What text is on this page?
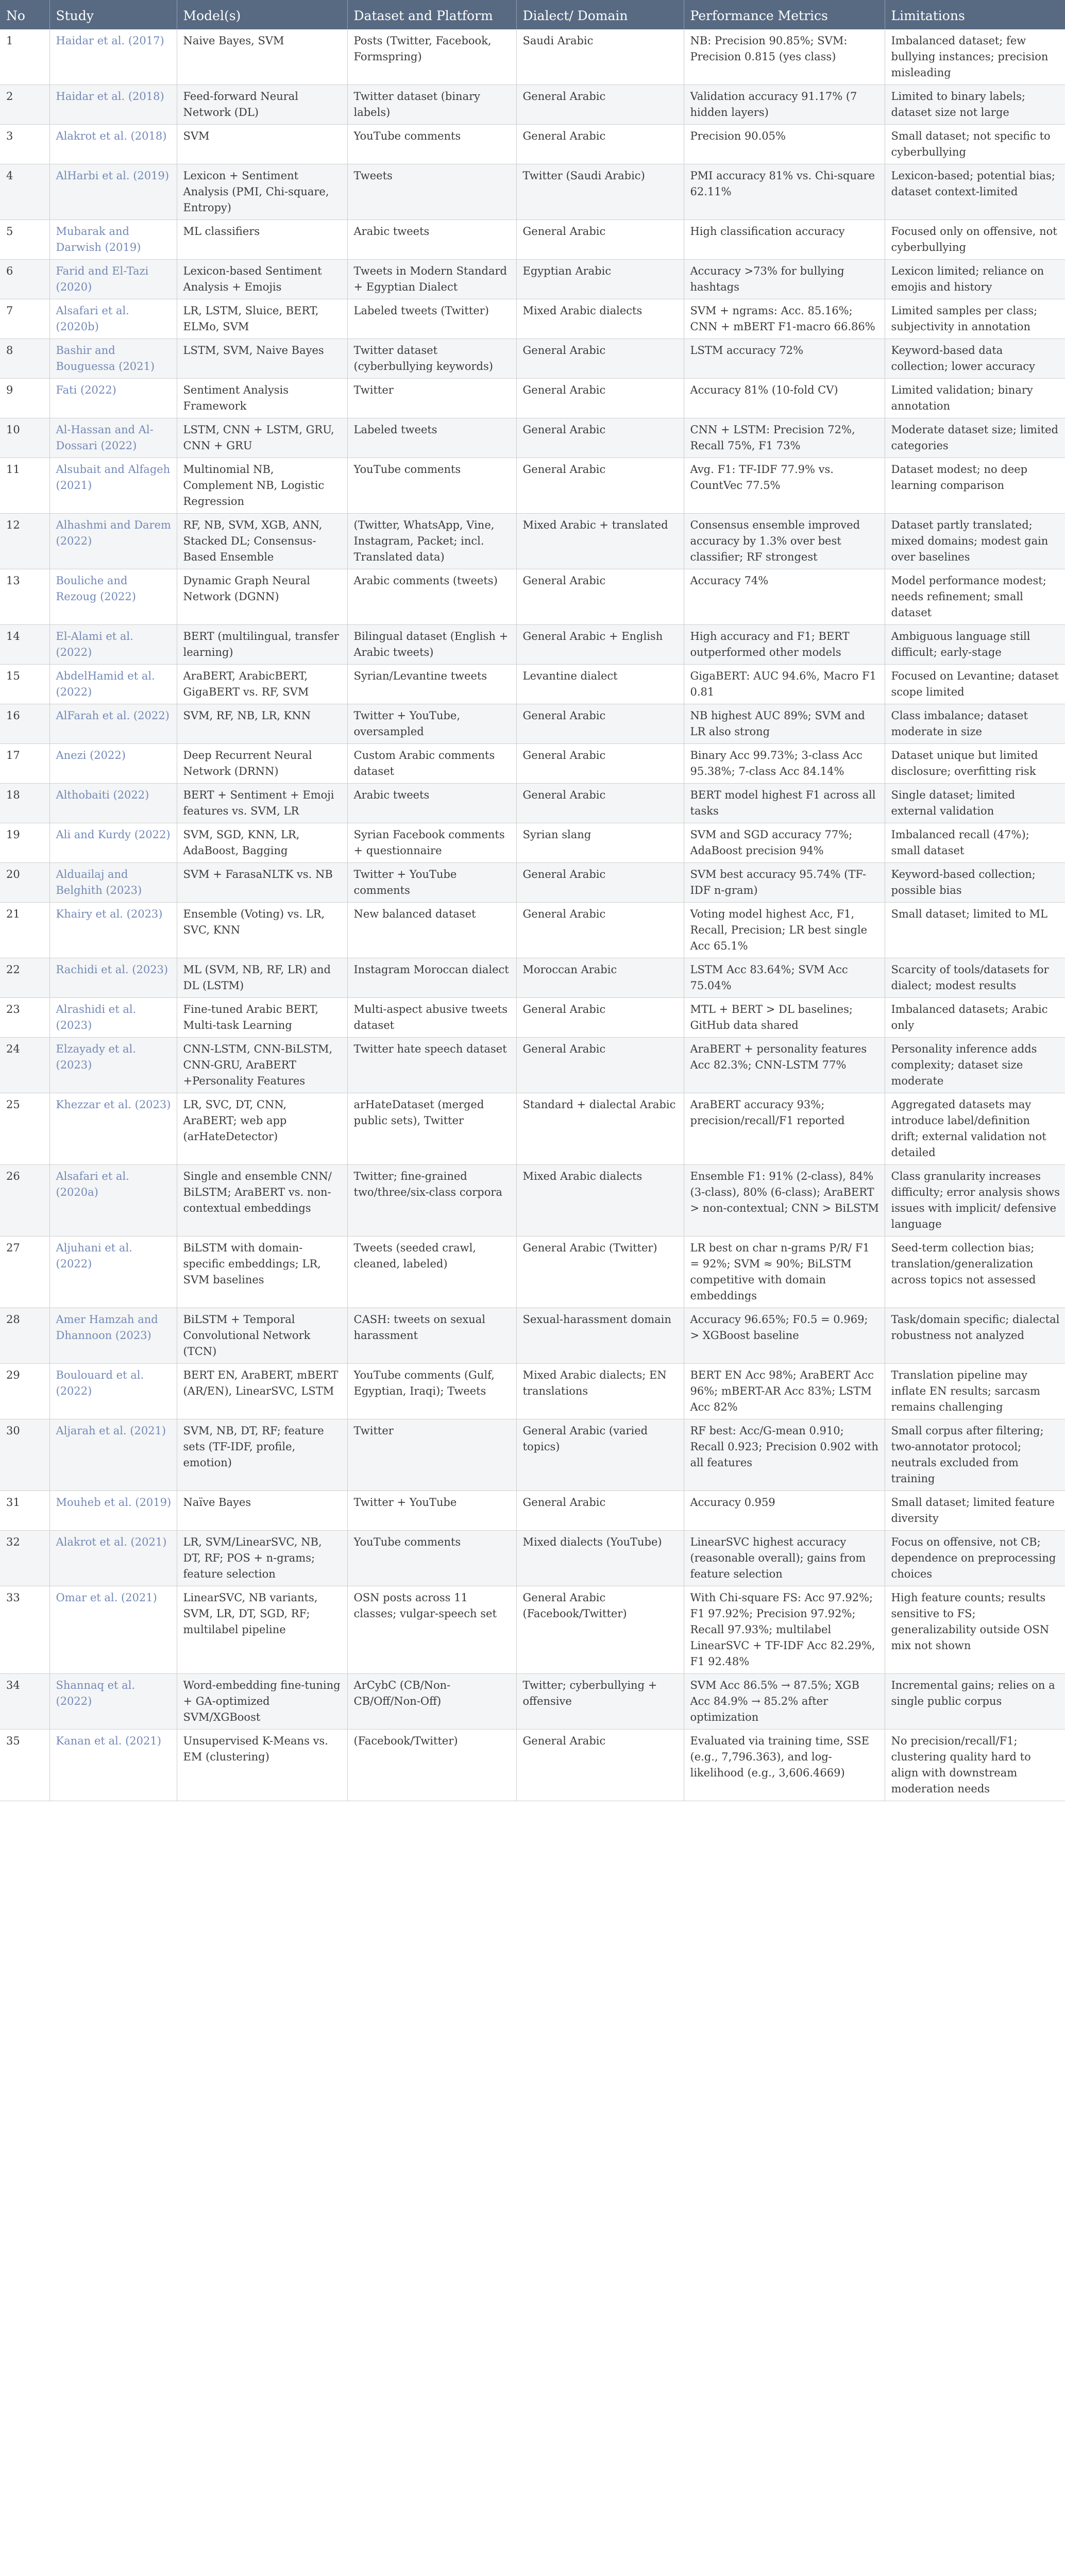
No	Study	Model(s)	Dataset and Platform	Dialect/ Domain	Performance Metrics	Limitations
1	Haidar et al. (2017)	Naive Bayes, SVM	Posts (Twitter, Facebook, Formspring)	Saudi Arabic	NB: Precision 90.85%; SVM: Precision 0.815 (yes class)	Imbalanced dataset; few bullying instances; precision misleading
2	Haidar et al. (2018)	Feed-forward Neural Network (DL)	Twitter dataset (binary labels)	General Arabic	Validation accuracy 91.17% (7 hidden layers)	Limited to binary labels; dataset size not large
3	Alakrot et al. (2018)	SVM	YouTube comments	General Arabic	Precision 90.05%	Small dataset; not specific to cyberbullying
4	AlHarbi et al. (2019)	Lexicon + Sentiment Analysis (PMI, Chi-square, Entropy)	Tweets	Twitter (Saudi Arabic)	PMI accuracy 81% vs. Chi-square 62.11%	Lexicon-based; potential bias; dataset context-limited
5	Mubarak and Darwish (2019)	ML classifiers	Arabic tweets	General Arabic	High classification accuracy	Focused only on offensive, not cyberbullying
6	Farid and El-Tazi (2020)	Lexicon-based Sentiment Analysis + Emojis	Tweets in Modern Standard + Egyptian Dialect	Egyptian Arabic	Accuracy >73% for bullying hashtags	Lexicon limited; reliance on emojis and history
7	Alsafari et al. (2020b)	LR, LSTM, Sluice, BERT, ELMo, SVM	Labeled tweets (Twitter)	Mixed Arabic dialects	SVM + ngrams: Acc. 85.16%; CNN + mBERT F1-macro 66.86%	Limited samples per class; subjectivity in annotation
8	Bashir and Bouguessa (2021)	LSTM, SVM, Naive Bayes	Twitter dataset (cyberbullying keywords)	General Arabic	LSTM accuracy 72%	Keyword-based data collection; lower accuracy
9	Fati (2022)	Sentiment Analysis Framework	Twitter	General Arabic	Accuracy 81% (10-fold CV)	Limited validation; binary annotation
10	Al-Hassan and Al-Dossari (2022)	LSTM, CNN + LSTM, GRU, CNN + GRU	Labeled tweets	General Arabic	CNN + LSTM: Precision 72%, Recall 75%, F1 73%	Moderate dataset size; limited categories
11	Alsubait and Alfageh (2021)	Multinomial NB, Complement NB, Logistic Regression	YouTube comments	General Arabic	Avg. F1: TF-IDF 77.9% vs. CountVec 77.5%	Dataset modest; no deep learning comparison
12	Alhashmi and Darem (2022)	RF, NB, SVM, XGB, ANN, Stacked DL; Consensus-Based Ensemble	(Twitter, WhatsApp, Vine, Instagram, Packet; incl. Translated data)	Mixed Arabic + translated	Consensus ensemble improved accuracy by 1.3% over best classifier; RF strongest	Dataset partly translated; mixed domains; modest gain over baselines
13	Bouliche and Rezoug (2022)	Dynamic Graph Neural Network (DGNN)	Arabic comments (tweets)	General Arabic	Accuracy 74%	Model performance modest; needs refinement; small dataset
14	El-Alami et al. (2022)	BERT (multilingual, transfer learning)	Bilingual dataset (English + Arabic tweets)	General Arabic + English	High accuracy and F1; BERT outperformed other models	Ambiguous language still difficult; early-stage
15	AbdelHamid et al. (2022)	AraBERT, ArabicBERT, GigaBERT vs. RF, SVM	Syrian/Levantine tweets	Levantine dialect	GigaBERT: AUC 94.6%, Macro F1 0.81	Focused on Levantine; dataset scope limited
16	AlFarah et al. (2022)	SVM, RF, NB, LR, KNN	Twitter + YouTube, oversampled	General Arabic	NB highest AUC 89%; SVM and LR also strong	Class imbalance; dataset moderate in size
17	Anezi (2022)	Deep Recurrent Neural Network (DRNN)	Custom Arabic comments dataset	General Arabic	Binary Acc 99.73%; 3-class Acc 95.38%; 7-class Acc 84.14%	Dataset unique but limited disclosure; overfitting risk
18	Althobaiti (2022)	BERT + Sentiment + Emoji features vs. SVM, LR	Arabic tweets	General Arabic	BERT model highest F1 across all tasks	Single dataset; limited external validation
19	Ali and Kurdy (2022)	SVM, SGD, KNN, LR, AdaBoost, Bagging	Syrian Facebook comments + questionnaire	Syrian slang	SVM and SGD accuracy 77%; AdaBoost precision 94%	Imbalanced recall (47%); small dataset
20	Alduailaj and Belghith (2023)	SVM + FarasaNLTK vs. NB	Twitter + YouTube comments	General Arabic	SVM best accuracy 95.74% (TF-IDF n-gram)	Keyword-based collection; possible bias
21	Khairy et al. (2023)	Ensemble (Voting) vs. LR, SVC, KNN	New balanced dataset	General Arabic	Voting model highest Acc, F1, Recall, Precision; LR best single Acc 65.1%	Small dataset; limited to ML
22	Rachidi et al. (2023)	ML (SVM, NB, RF, LR) and DL (LSTM)	Instagram Moroccan dialect	Moroccan Arabic	LSTM Acc 83.64%; SVM Acc 75.04%	Scarcity of tools/datasets for dialect; modest results
23	Alrashidi et al. (2023)	Fine-tuned Arabic BERT, Multi-task Learning	Multi-aspect abusive tweets dataset	General Arabic	MTL + BERT > DL baselines; GitHub data shared	Imbalanced datasets; Arabic only
24	Elzayady et al. (2023)	CNN-LSTM, CNN-BiLSTM, CNN-GRU, AraBERT +Personality Features	Twitter hate speech dataset	General Arabic	AraBERT + personality features Acc 82.3%; CNN-LSTM 77%	Personality inference adds complexity; dataset size moderate
25	Khezzar et al. (2023)	LR, SVC, DT, CNN, AraBERT; web app (arHateDetector)	arHateDataset (merged public sets), Twitter	Standard + dialectal Arabic	AraBERT accuracy 93%; precision/recall/F1 reported	Aggregated datasets may introduce label/definition drift; external validation not detailed
26	Alsafari et al. (2020a)	Single and ensemble CNN/ BiLSTM; AraBERT vs. non-contextual embeddings	Twitter; fine-grained two/three/six-class corpora	Mixed Arabic dialects	Ensemble F1: 91% (2-class), 84% (3-class), 80% (6-class); AraBERT > non-contextual; CNN > BiLSTM	Class granularity increases difficulty; error analysis shows issues with implicit/ defensive language
27	Aljuhani et al. (2022)	BiLSTM with domain-specific embeddings; LR, SVM baselines	Tweets (seeded crawl, cleaned, labeled)	General Arabic (Twitter)	LR best on char n-grams P/R/ F1 = 92%; SVM ≈ 90%; BiLSTM competitive with domain embeddings	Seed-term collection bias; translation/generalization across topics not assessed
28	Amer Hamzah and Dhannoon (2023)	BiLSTM + Temporal Convolutional Network (TCN)	CASH: tweets on sexual harassment	Sexual-harassment domain	Accuracy 96.65%; F0.5 = 0.969; > XGBoost baseline	Task/domain specific; dialectal robustness not analyzed
29	Boulouard et al. (2022)	BERT EN, AraBERT, mBERT (AR/EN), LinearSVC, LSTM	YouTube comments (Gulf, Egyptian, Iraqi); Tweets	Mixed Arabic dialects; EN translations	BERT EN Acc 98%; AraBERT Acc 96%; mBERT-AR Acc 83%; LSTM Acc 82%	Translation pipeline may inflate EN results; sarcasm remains challenging
30	Aljarah et al. (2021)	SVM, NB, DT, RF; feature sets (TF-IDF, profile, emotion)	Twitter	General Arabic (varied topics)	RF best: Acc/G-mean 0.910; Recall 0.923; Precision 0.902 with all features	Small corpus after filtering; two-annotator protocol; neutrals excluded from training
31	Mouheb et al. (2019)	Naïve Bayes	Twitter + YouTube	General Arabic	Accuracy 0.959	Small dataset; limited feature diversity
32	Alakrot et al. (2021)	LR, SVM/LinearSVC, NB, DT, RF; POS + n-grams; feature selection	YouTube comments	Mixed dialects (YouTube)	LinearSVC highest accuracy (reasonable overall); gains from feature selection	Focus on offensive, not CB; dependence on preprocessing choices
33	Omar et al. (2021)	LinearSVC, NB variants, SVM, LR, DT, SGD, RF; multilabel pipeline	OSN posts across 11 classes; vulgar-speech set	General Arabic (Facebook/Twitter)	With Chi-square FS: Acc 97.92%; F1 97.92%; Precision 97.92%; Recall 97.93%; multilabel LinearSVC + TF-IDF Acc 82.29%, F1 92.48%	High feature counts; results sensitive to FS; generalizability outside OSN mix not shown
34	Shannaq et al. (2022)	Word-embedding fine-tuning + GA-optimized SVM/XGBoost	ArCybC (CB/Non-CB/Off/Non-Off)	Twitter; cyberbullying + offensive	SVM Acc 86.5% → 87.5%; XGB Acc 84.9% → 85.2% after optimization	Incremental gains; relies on a single public corpus
35	Kanan et al. (2021)	Unsupervised K-Means vs. EM (clustering)	(Facebook/Twitter)	General Arabic	Evaluated via training time, SSE (e.g., 7,796.363), and log-likelihood (e.g., 3,606.4669)	No precision/recall/F1; clustering quality hard to align with downstream moderation needs
